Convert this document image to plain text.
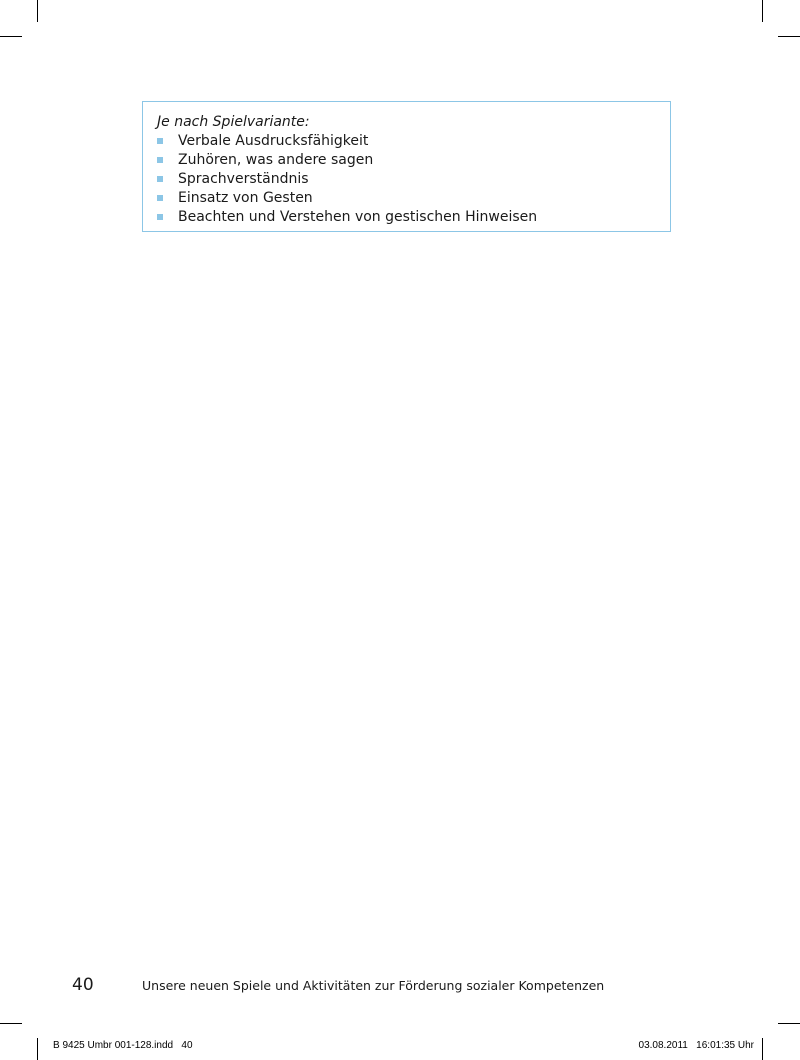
Je nach Spielvariante:

Verbale Ausdrucksfähigkeit
Zuhören, was andere sagen
Sprachverständnis
Einsatz von Gesten
Beachten und Verstehen von gestischen Hinweisen
40	Unsere neuen Spiele und Aktivitäten zur Förderung sozialer Kompetenzen
B 9425 Umbr 001-128.indd   40	03.08.2011   16:01:35 Uhr
